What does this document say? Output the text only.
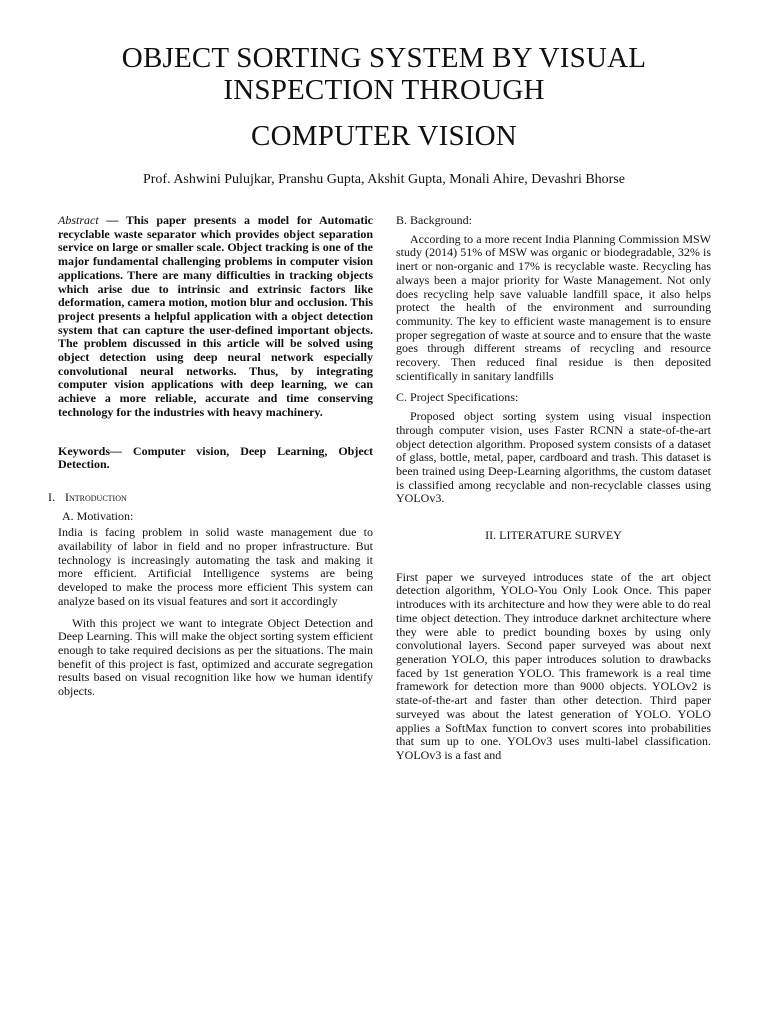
OBJECT SORTING SYSTEM BY VISUAL
INSPECTION THROUGH
COMPUTER VISION
Prof. Ashwini Pulujkar, Pranshu Gupta, Akshit Gupta, Monali Ahire, Devashri Bhorse

Abstract — This paper presents a model for Automatic recyclable waste separator which provides object separation service on large or smaller scale. Object tracking is one of the major fundamental challenging problems in computer vision applications. There are many difficulties in tracking objects which arise due to intrinsic and extrinsic factors like deformation, camera motion, motion blur and occlusion. This project presents a helpful application with a object detection system that can capture the user-defined important objects. The problem discussed in this article will be solved using object detection using deep neural network especially convolutional neural networks. Thus, by integrating computer vision applications with deep learning, we can achieve a more reliable, accurate and time conserving technology for the industries with heavy machinery.

Keywords— Computer vision, Deep Learning, Object Detection.

I. Introduction

A. Motivation:

India is facing problem in solid waste management due to availability of labor in field and no proper infrastructure. But technology is increasingly automating the task and making it more efficient. Artificial Intelligence systems are being developed to make the process more efficient This system can analyze based on its visual features and sort it accordingly

With this project we want to integrate Object Detection and Deep Learning. This will make the object sorting system efficient enough to take required decisions as per the situations. The main benefit of this project is fast, optimized and accurate segregation results based on visual recognition like how we human identify objects.

B. Background:

According to a more recent India Planning Commission MSW study (2014) 51% of MSW was organic or biodegradable, 32% is inert or non-organic and 17% is recyclable waste. Recycling has always been a major priority for Waste Management. Not only does recycling help save valuable landfill space, it also helps protect the health of the environment and surrounding community. The key to efficient waste management is to ensure proper segregation of waste at source and to ensure that the waste goes through different streams of recycling and resource recovery. Then reduced final residue is then deposited scientifically in sanitary landfills

C. Project Specifications:

Proposed object sorting system using visual inspection through computer vision, uses Faster RCNN a state-of-the-art object detection algorithm. Proposed system consists of a dataset of glass, bottle, metal, paper, cardboard and trash. This dataset is been trained using Deep-Learning algorithms, the custom dataset is classified among recyclable and non-recyclable classes using YOLOv3.

II. LITERATURE SURVEY

First paper we surveyed introduces state of the art object detection algorithm, YOLO-You Only Look Once. This paper introduces with its architecture and how they were able to do real time object detection. They introduce darknet architecture where they were able to predict bounding boxes by using only convolutional layers. Second paper surveyed was about next generation YOLO, this paper introduces solution to drawbacks faced by 1st generation YOLO. This framework is a real time framework for detection more than 9000 objects. YOLOv2 is state-of-the-art and faster than other detection. Third paper surveyed was about the latest generation of YOLO. YOLO applies a SoftMax function to convert scores into probabilities that sum up to one. YOLOv3 uses multi-label classification. YOLOv3 is a fast and
